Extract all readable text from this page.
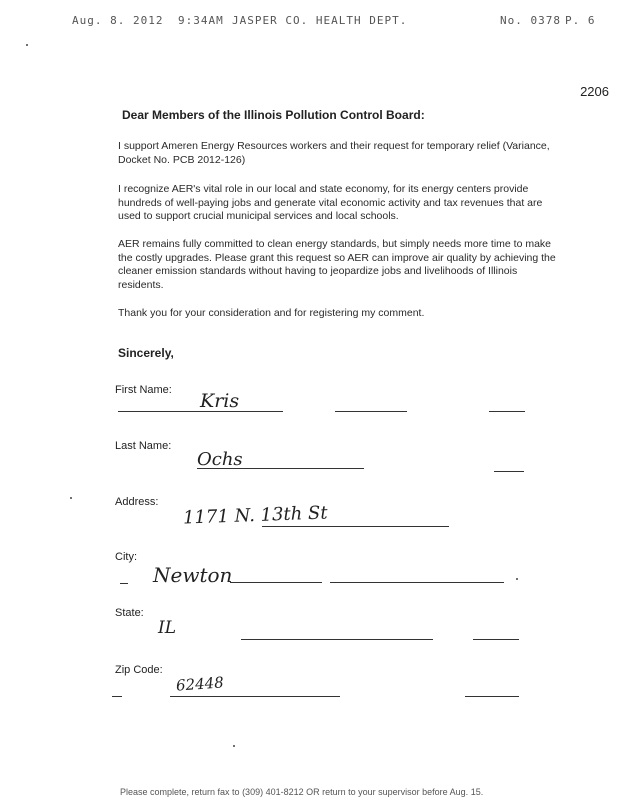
Aug. 8. 2012 9:34AM JASPER CO. HEALTH DEPT.	No. 0378 P. 6
2206
Dear Members of the Illinois Pollution Control Board:
I support Ameren Energy Resources workers and their request for temporary relief (Variance, Docket No. PCB 2012-126)
I recognize AER's vital role in our local and state economy, for its energy centers provide hundreds of well-paying jobs and generate vital economic activity and tax revenues that are used to support crucial municipal services and local schools.
AER remains fully committed to clean energy standards, but simply needs more time to make the costly upgrades. Please grant this request so AER can improve air quality by achieving the cleaner emission standards without having to jeopardize jobs and livelihoods of Illinois residents.
Thank you for your consideration and for registering my comment.
Sincerely,
First Name: Kris
Last Name:
Ochs
Address:
1171 N. 13th St
City:
Newton
State:
IL
Zip Code:
62448
Please complete, return fax to (309) 401-8212 OR return to your supervisor before Aug. 15.
